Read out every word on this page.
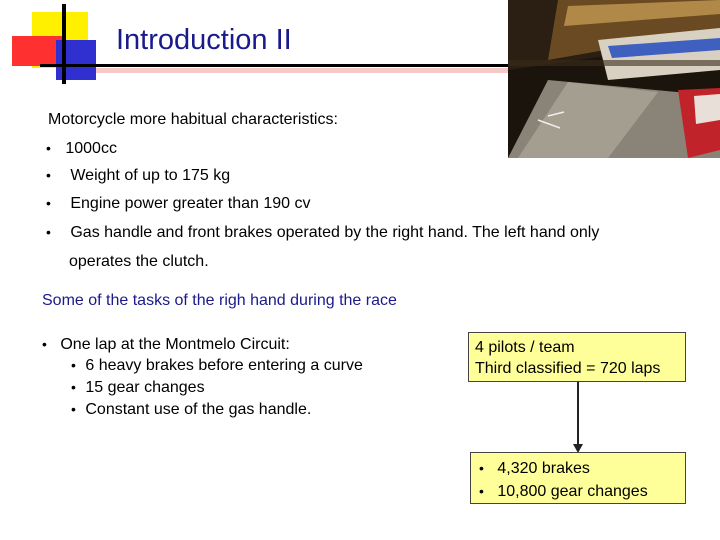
Introduction II
Motorcycle more habitual characteristics:
• 1000cc
• Weight of up to 175 kg
• Engine power greater than 190 cv
• Gas handle and front brakes operated by the right hand. The left hand only
operates the clutch.
Some of the tasks of the righ hand during the race
• One lap at the Montmelo Circuit:
• 6 heavy brakes before entering a curve
• 15 gear changes
• Constant use of the gas handle.
4 pilots / team
Third classified = 720 laps
• 4,320 brakes
• 10,800 gear changes
